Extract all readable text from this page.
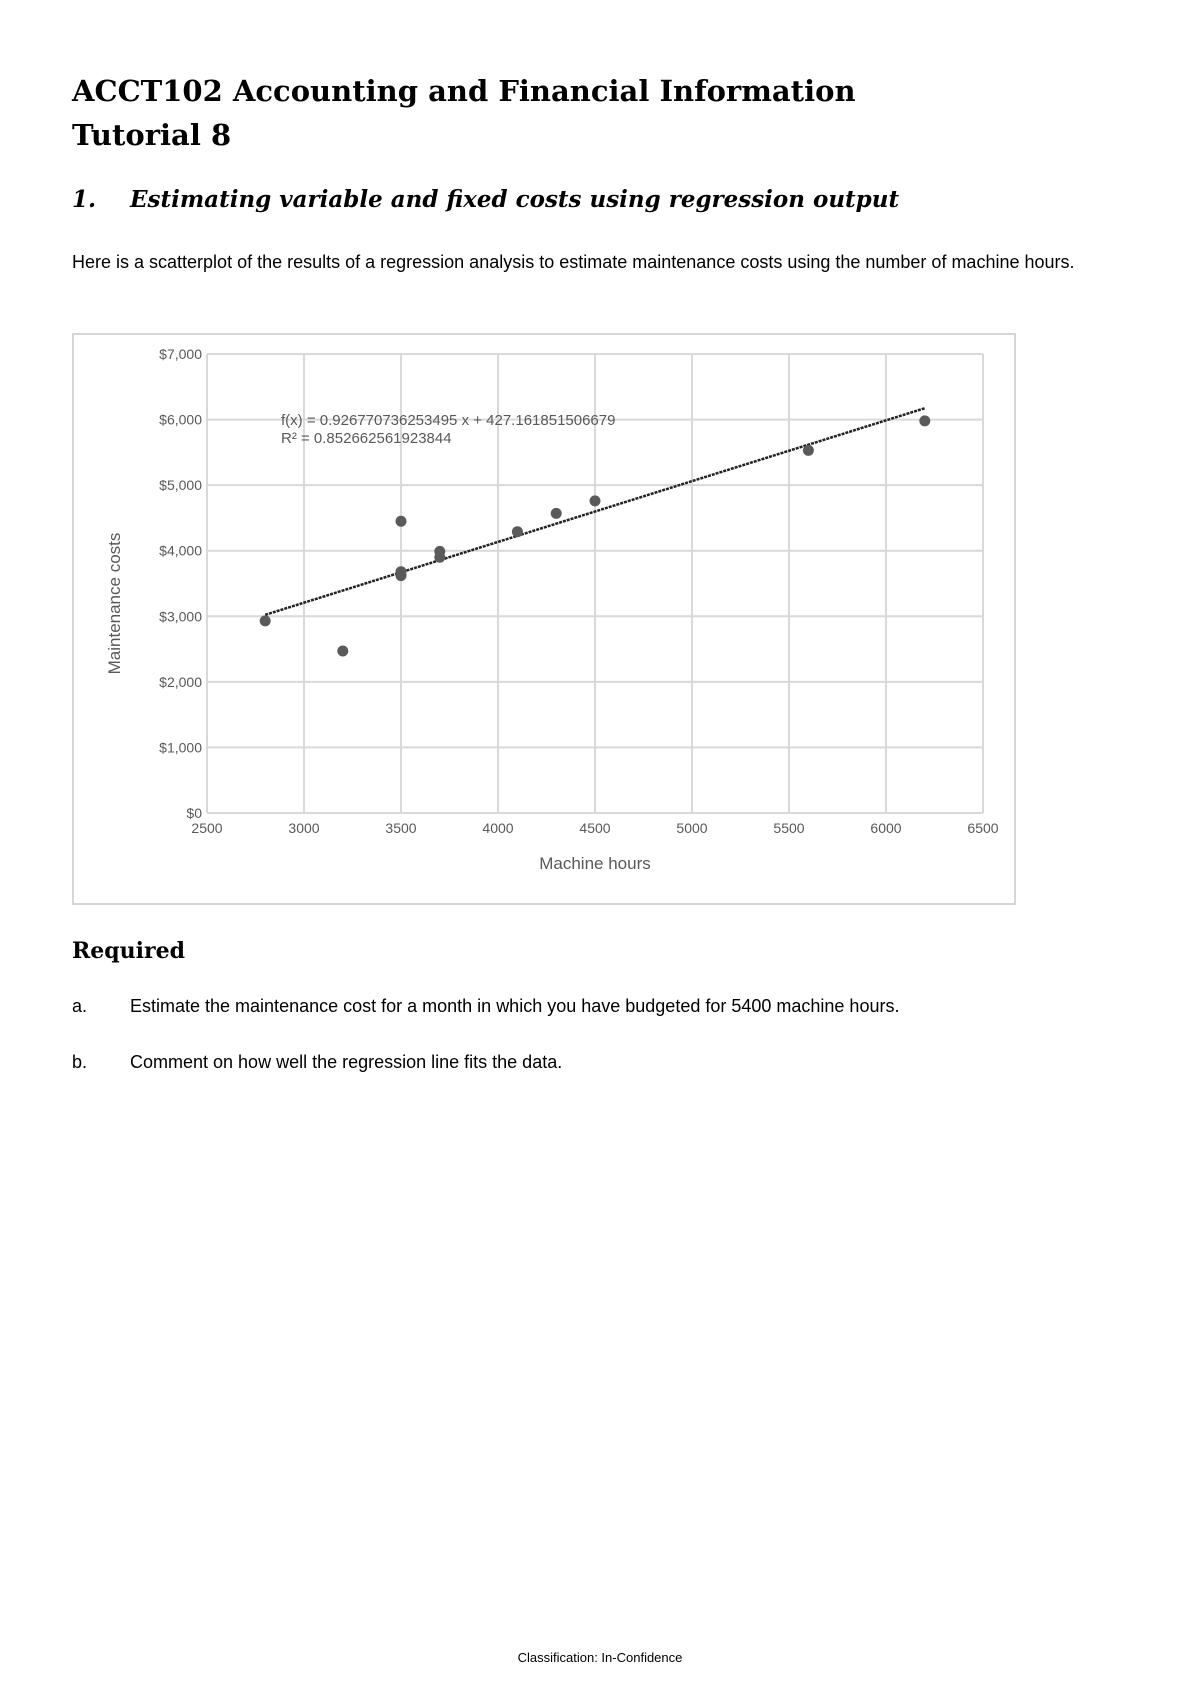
ACCT102 Accounting and Financial Information
Tutorial 8
1.	Estimating variable and fixed costs using regression output

Here is a scatterplot of the results of a regression analysis to estimate maintenance costs using the number of machine hours.

2500	3000	3500	4000	4500	5000	5500	6000	6500
$0
$1,000
$2,000
$3,000
$4,000
$5,000
$6,000
$7,000
Machine hours
Maintenance costs
f(x) = 0.926770736253495 x + 427.161851506679
R² = 0.852662561923844
Required

a.	Estimate the maintenance cost for a month in which you have budgeted for 5400 machine hours.

b.	Comment on how well the regression line fits the data.

Classification: In-Confidence
